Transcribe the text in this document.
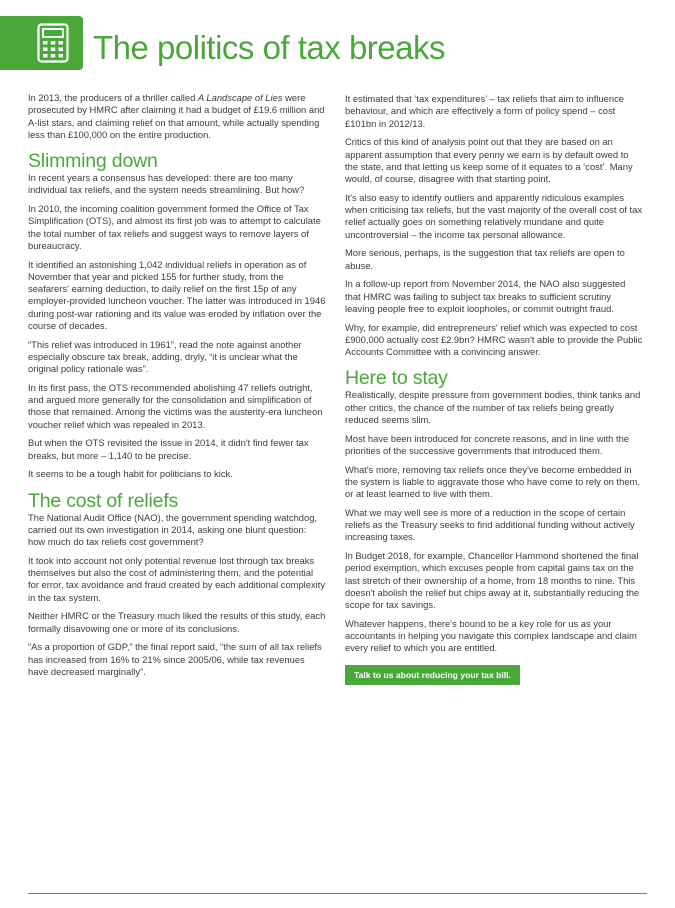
The politics of tax breaks

In 2013, the producers of a thriller called A Landscape of Lies were prosecuted by HMRC after claiming it had a budget of £19.6 million and A-list stars, and claiming relief on that amount, while actually spending less than £100,000 on the entire production.

Slimming down

In recent years a consensus has developed: there are too many individual tax reliefs, and the system needs streamlining. But how?

In 2010, the incoming coalition government formed the Office of Tax Simplification (OTS), and almost its first job was to attempt to calculate the total number of tax reliefs and suggest ways to remove layers of bureaucracy.

It identified an astonishing 1,042 individual reliefs in operation as of November that year and picked 155 for further study, from the seafarers' earning deduction, to daily relief on the first 15p of any employer-provided luncheon voucher. The latter was introduced in 1946 during post-war rationing and its value was eroded by inflation over the course of decades.

“This relief was introduced in 1961”, read the note against another especially obscure tax break, adding, dryly, “it is unclear what the original policy rationale was”.

In its first pass, the OTS recommended abolishing 47 reliefs outright, and argued more generally for the consolidation and simplification of those that remained. Among the victims was the austerity-era luncheon voucher relief which was repealed in 2013.

But when the OTS revisited the issue in 2014, it didn't find fewer tax breaks, but more – 1,140 to be precise.

It seems to be a tough habit for politicians to kick.

The cost of reliefs

The National Audit Office (NAO), the government spending watchdog, carried out its own investigation in 2014, asking one blunt question: how much do tax reliefs cost government?

It took into account not only potential revenue lost through tax breaks themselves but also the cost of administering them, and the potential for error, tax avoidance and fraud created by each additional complexity in the tax system.

Neither HMRC or the Treasury much liked the results of this study, each formally disavowing one or more of its conclusions.

“As a proportion of GDP,” the final report said, “the sum of all tax reliefs has increased from 16% to 21% since 2005/06, while tax revenues have decreased marginally”.

It estimated that ‘tax expenditures’ – tax reliefs that aim to influence behaviour, and which are effectively a form of policy spend – cost £101bn in 2012/13.

Critics of this kind of analysis point out that they are based on an apparent assumption that every penny we earn is by default owed to the state, and that letting us keep some of it equates to a ‘cost’. Many would, of course, disagree with that starting point.

It's also easy to identify outliers and apparently ridiculous examples when criticising tax reliefs, but the vast majority of the overall cost of tax relief actually goes on something relatively mundane and quite uncontroversial – the income tax personal allowance.

More serious, perhaps, is the suggestion that tax reliefs are open to abuse.

In a follow-up report from November 2014, the NAO also suggested that HMRC was failing to subject tax breaks to sufficient scrutiny leaving people free to exploit loopholes, or commit outright fraud.

Why, for example, did entrepreneurs' relief which was expected to cost £900,000 actually cost £2.9bn? HMRC wasn't able to provide the Public Accounts Committee with a convincing answer.

Here to stay

Realistically, despite pressure from government bodies, think tanks and other critics, the chance of the number of tax reliefs being greatly reduced seems slim.

Most have been introduced for concrete reasons, and in line with the priorities of the successive governments that introduced them.

What's more, removing tax reliefs once they've become embedded in the system is liable to aggravate those who have come to rely on them, or at least learned to live with them.

What we may well see is more of a reduction in the scope of certain reliefs as the Treasury seeks to find additional funding without actively increasing taxes.

In Budget 2018, for example, Chancellor Hammond shortened the final period exemption, which excuses people from capital gains tax on the last stretch of their ownership of a home, from 18 months to nine. This doesn't abolish the relief but chips away at it, substantially reducing the scope for tax savings.

Whatever happens, there's bound to be a key role for us as your accountants in helping you navigate this complex landscape and claim every relief to which you are entitled.

Talk to us about reducing your tax bill.
